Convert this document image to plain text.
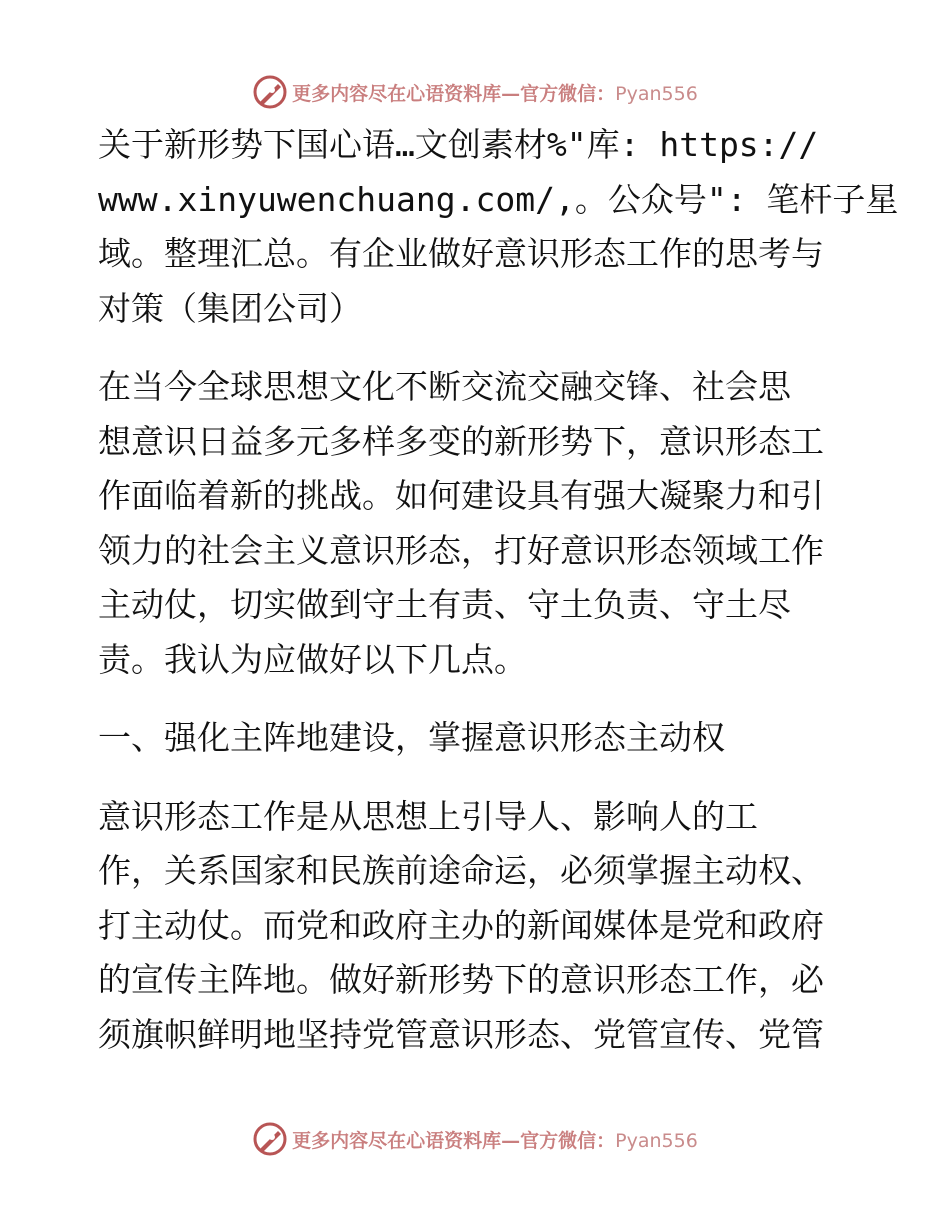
更多内容尽在心语资料库—官方微信：Pyan556
关于新形势下国心语…文创素材%"库: https://
www.xinyuwenchuang.com/,。公众号": 笔杆子星
域。整理汇总。有企业做好意识形态工作的思考与
对策（集团公司）
在当今全球思想文化不断交流交融交锋、社会思
想意识日益多元多样多变的新形势下，意识形态工
作面临着新的挑战。如何建设具有强大凝聚力和引
领力的社会主义意识形态，打好意识形态领域工作
主动仗，切实做到守土有责、守土负责、守土尽
责。我认为应做好以下几点。
一、强化主阵地建设，掌握意识形态主动权
意识形态工作是从思想上引导人、影响人的工
作，关系国家和民族前途命运，必须掌握主动权、
打主动仗。而党和政府主办的新闻媒体是党和政府
的宣传主阵地。做好新形势下的意识形态工作，必
须旗帜鲜明地坚持党管意识形态、党管宣传、党管
更多内容尽在心语资料库—官方微信：Pyan556
